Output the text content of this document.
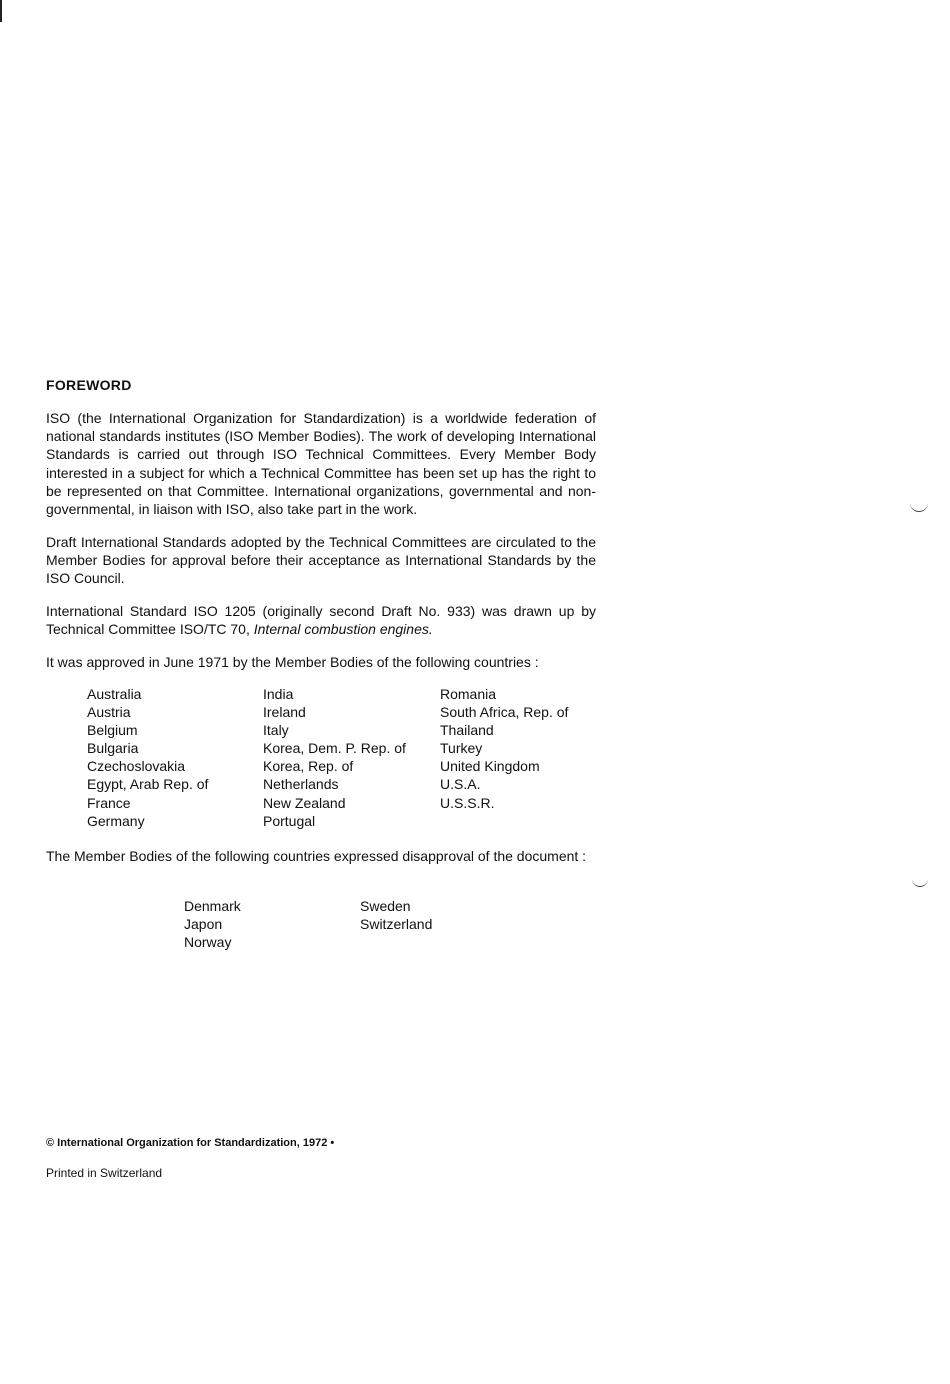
FOREWORD

ISO (the International Organization for Standardization) is a worldwide federation of national standards institutes (ISO Member Bodies). The work of developing International Standards is carried out through ISO Technical Committees. Every Member Body interested in a subject for which a Technical Committee has been set up has the right to be represented on that Committee. International organizations, governmental and non-governmental, in liaison with ISO, also take part in the work.

Draft International Standards adopted by the Technical Committees are circulated to the Member Bodies for approval before their acceptance as International Standards by the ISO Council.

International Standard ISO 1205 (originally second Draft No. 933) was drawn up by Technical Committee ISO/TC 70, Internal combustion engines.

It was approved in June 1971 by the Member Bodies of the following countries :

Australia
Austria
Belgium
Bulgaria
Czechoslovakia
Egypt, Arab Rep. of
France
Germany
India
Ireland
Italy
Korea, Dem. P. Rep. of
Korea, Rep. of
Netherlands
New Zealand
Portugal
Romania
South Africa, Rep. of
Thailand
Turkey
United Kingdom
U.S.A.
U.S.S.R.

The Member Bodies of the following countries expressed disapproval of the document :

Denmark
Japon
Norway
Sweden
Switzerland
© International Organization for Standardization, 1972 •
Printed in Switzerland
